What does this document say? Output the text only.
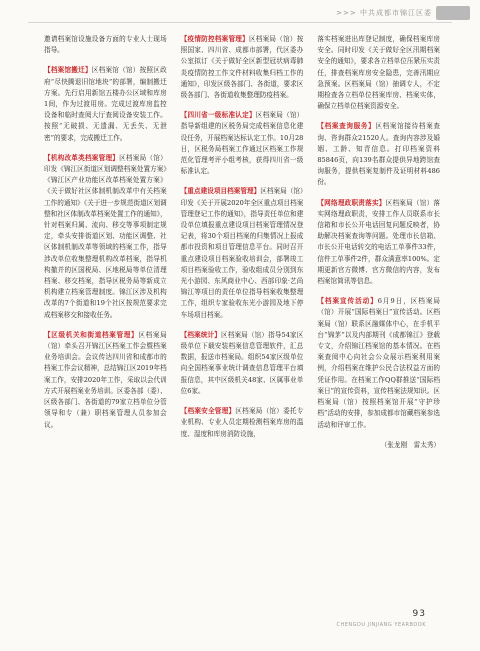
>>> 中共成都市锦江区委

邀请档案馆设施设备方面的专业人士现场指导。

【档案馆搬迁】区档案馆（馆）按照区政府“尽快腾退旧馆地块”的部署，编制搬迁方案。先行启用新馆五楼办公区域和库房1间，作为过渡用房。完成过渡库房监控设备和临时查阅大厅查阅设备安装工作。按照“无破损、无遗漏、无丢失、无泄密”的要求，完成搬迁工作。

【机构改革类档案管理】区档案局（馆）印发《锦江区街道区划调整档案处置方案》《锦江区产业功能区改革档案处置方案》《关于做好社区体制机制改革中有关档案工作的通知》《关于进一步规范街道区划调整和社区体制改革档案处置工作的通知》，针对档案归属、流向、移交等事项制定规定，牵头安排街道区划、功能区调整、社区体制机制改革等领域的档案工作，指导涉改单位收集整理机构改革档案，指导机构撤并的区国税局、区地税局等单位清理档案、移交档案，指导区税务局等新成立机构建立档案管理制度。锦江区涉及机构改革的7个街道和19个社区按规范要求完成档案移交和接收任务。

【区级机关和街道档案管理】区档案局（馆）牵头召开锦江区档案工作会暨档案业务培训会。会议传达四川省和成都市的档案工作会议精神，总结锦江区2019年档案工作，安排2020年工作，采取以会代训方式开展档案业务培训。区委各部（委）、区级各部门、各街道的79家立档单位分管领导和专（兼）职档案管理人员参加会议。

【疫情防控档案管理】区档案局（馆）按照国家、四川省、成都市部署，代区委办公室拟订《关于做好全区新型冠状病毒肺炎疫情防控工作文件材料收集归档工作的通知》，印发区级各部门、各街道，要求区级各部门、各街道收集整理防疫档案。

【四川省一级标准认定】区档案局（馆）指导新组建的区税务局完成档案信息化建设任务，开展档案达标认定工作。10月28日，区税务局档案工作通过区档案工作规范化管理考评小组考核，获得四川省一级标准认定。

【重点建设项目档案管理】区档案局（馆）印发《关于开展2020年全区重点项目档案管理登记工作的通知》，指导责任单位和建设单位填报重点建设项目档案管理情况登记表，将30个项目档案的归集情况上报成都市投资和项目管理信息平台。同时召开重点建设项目档案验收培训会，部署竣工项目档案验收工作，验收组成员分别到东光小游园、东风商业中心、西部印象·艺尚锦江等项目的责任单位指导档案收集整理工作，组织专家验收东光小游园及地下停车场项目档案。

【档案统计】区档案局（馆）指导54家区级单位下载安装档案信息管理软件，汇总数据，报送市档案局。组织54家区级单位向全国档案事业统计调查信息管理平台填报信息，其中区级机关48家、区属事业单位6家。

【档案安全管理】区档案局（馆）委托专业机构、专业人员定期检测档案库房的温度、湿度和库房消防设施，

落实档案进出库登记制度，确保档案库房安全。同时印发《关于做好全区汛期档案安全的通知》，要求各立档单位压紧压实责任，排查档案库房安全隐患，完善汛期应急预案。区档案局（馆）抽调专人，不定期检查各立档单位档案库房、档案实体，确保立档单位档案资源安全。

【档案查询服务】区档案馆接待档案查询、咨询群众21520人。查询内容涉及婚姻、工龄、知青信息。打印档案资料85846页，向139名群众提供异地跨馆查询服务，提供档案复制件及证明材料486份。

【网络理政职责落实】区档案局（馆）落实网络理政职责，安排工作人员联系市长信箱和市长公开电话回复问题反映者，协助解决档案查询等问题。处理市长信箱、市长公开电话转交的电话工单事件33件，信件工单事件2件，群众满意率100%。定期更新官方微博、官方微信的内容，发布档案馆简讯等信息。

【档案宣传活动】6月9日，区档案局（馆）开展“国际档案日”宣传活动。区档案局（馆）联系区融媒体中心，在手机平台“锦茅”以及内部期刊《成都锦江》登载专文，介绍锦江档案馆的基本情况。在档案查阅中心向社会公众展示档案利用案例，介绍档案在维护公民合法权益方面的凭证作用。在档案工作QQ群推送“国际档案日”的宣传资料，宣传档案法规知识。区档案局（馆）按照档案馆开展“守护珍档”活动的安排，参加成都市馆藏档案参选活动和评审工作。

（张龙刚　雷太秀）

93
CHENGDU JINJIANG YEARBOOK
